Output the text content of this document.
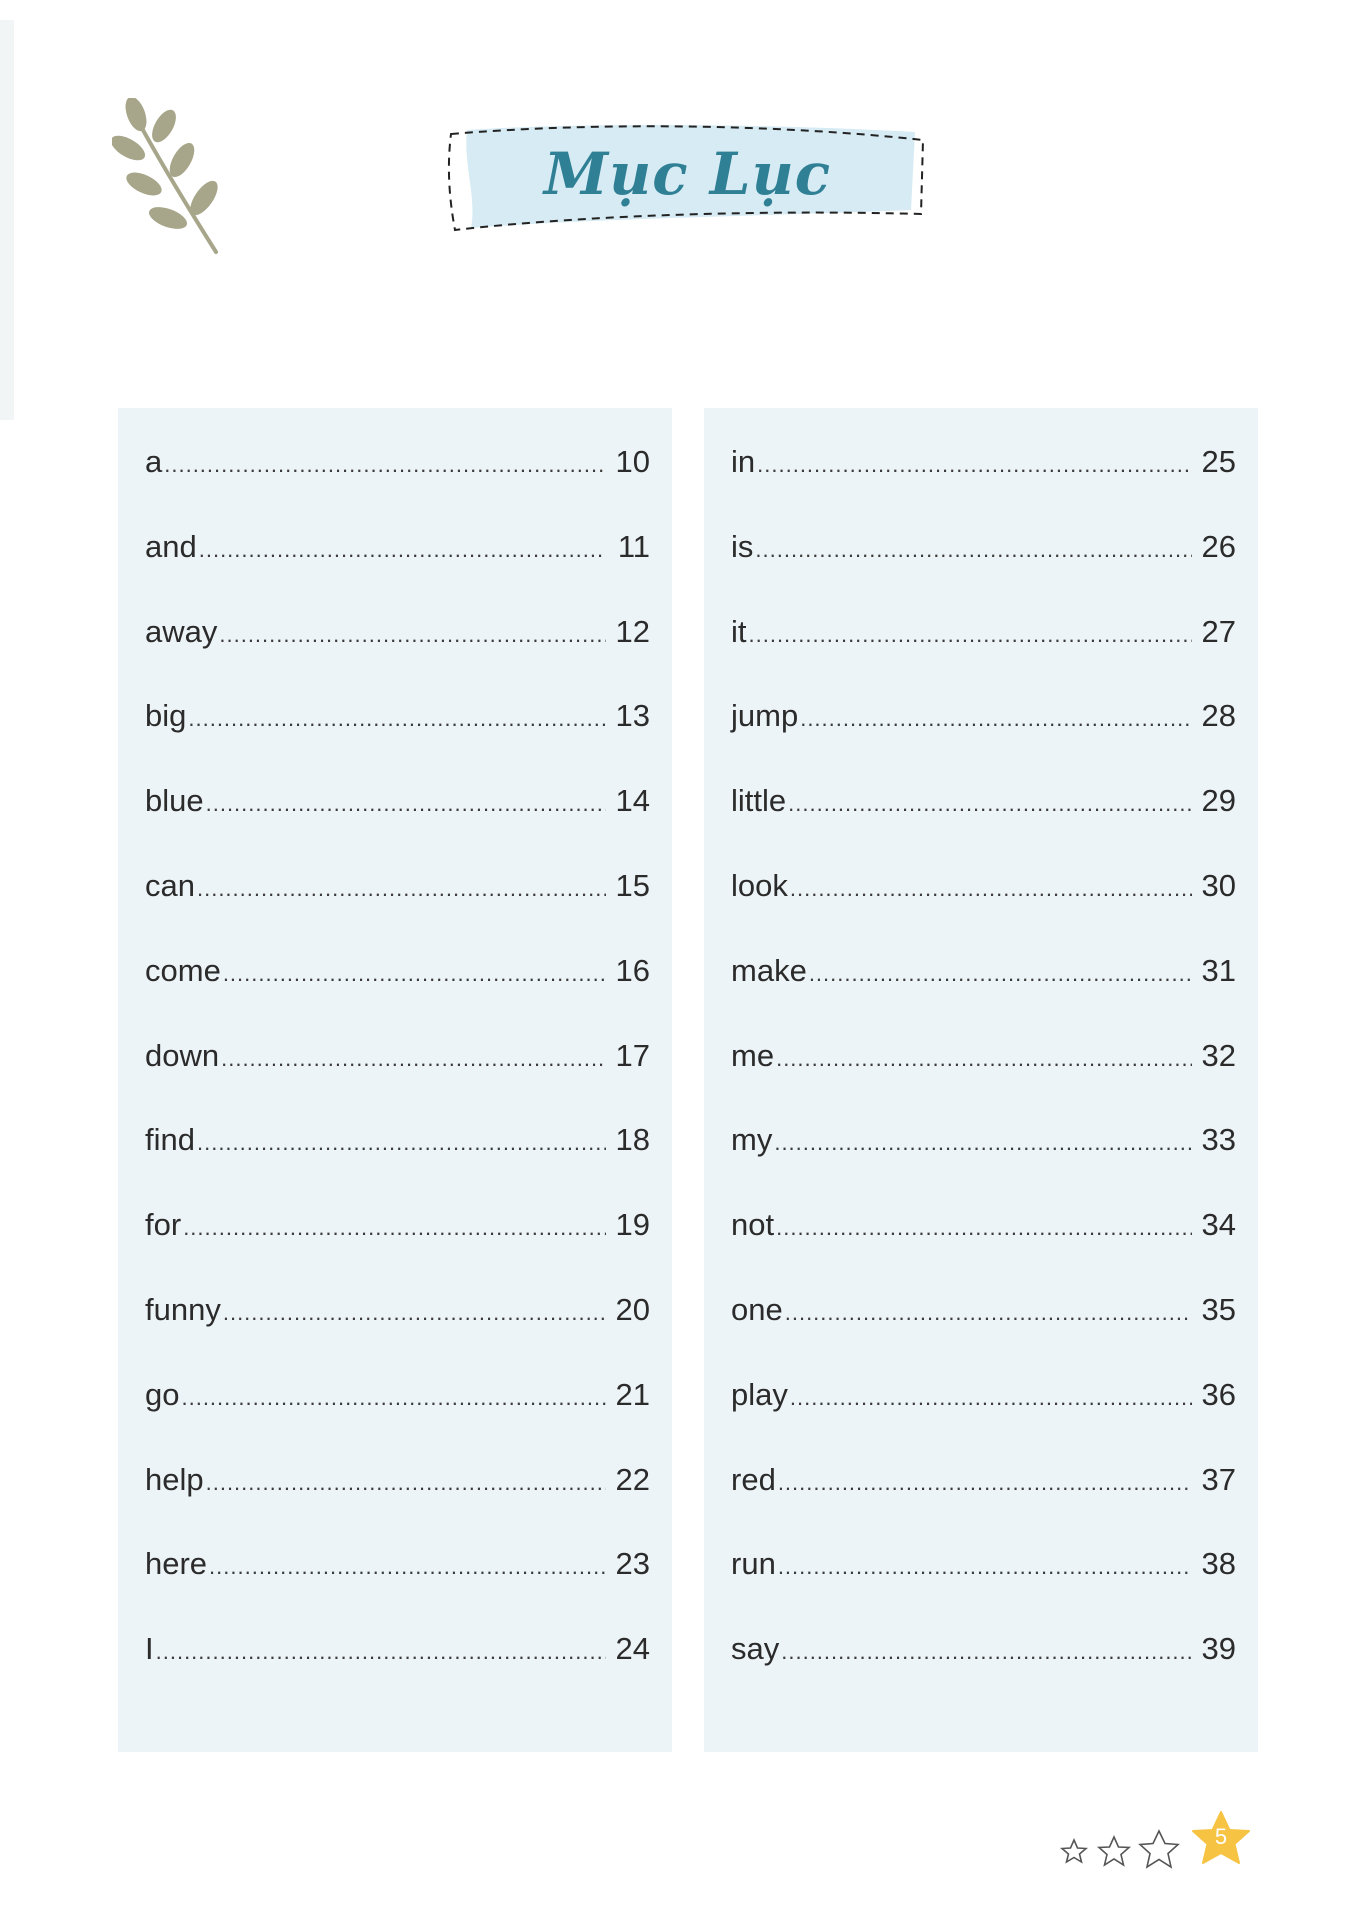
Mục Lục
a .....	10
and .....	11
away .....	12
big .....	13
blue .....	14
can .....	15
come .....	16
down .....	17
find .....	18
for .....	19
funny .....	20
go .....	21
help .....	22
here .....	23
I .....	24
in .....	25
is .....	26
it .....	27
jump .....	28
little .....	29
look .....	30
make .....	31
me .....	32
my .....	33
not .....	34
one .....	35
play .....	36
red .....	37
run .....	38
say .....	39
5
